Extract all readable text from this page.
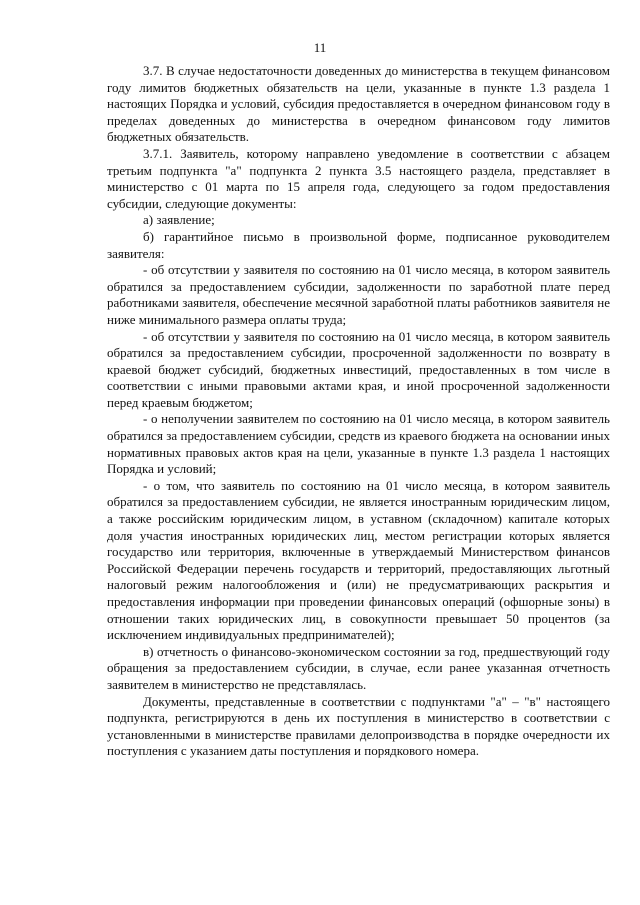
11

3.7. В случае недостаточности доведенных до министерства в текущем финансовом году лимитов бюджетных обязательств на цели, указанные в пункте 1.3 раздела 1 настоящих Порядка и условий, субсидия предоставляется в очередном финансовом году в пределах доведенных до министерства в очередном финансовом году лимитов бюджетных обязательств.

3.7.1. Заявитель, которому направлено уведомление в соответствии с абзацем третьим подпункта "а" подпункта 2 пункта 3.5 настоящего раздела, представляет в министерство с 01 марта по 15 апреля года, следующего за годом предоставления субсидии, следующие документы:

а) заявление;

б) гарантийное письмо в произвольной форме, подписанное руководителем заявителя:

- об отсутствии у заявителя по состоянию на 01 число месяца, в котором заявитель обратился за предоставлением субсидии, задолженности по заработной плате перед работниками заявителя, обеспечение месячной заработной платы работников заявителя не ниже минимального размера оплаты труда;

- об отсутствии у заявителя по состоянию на 01 число месяца, в котором заявитель обратился за предоставлением субсидии, просроченной задолженности по возврату в краевой бюджет субсидий, бюджетных инвестиций, предоставленных в том числе в соответствии с иными правовыми актами края, и иной просроченной задолженности перед краевым бюджетом;

- о неполучении заявителем по состоянию на 01 число месяца, в котором заявитель обратился за предоставлением субсидии, средств из краевого бюджета на основании иных нормативных правовых актов края на цели, указанные в пункте 1.3 раздела 1 настоящих Порядка и условий;

- о том, что заявитель по состоянию на 01 число месяца, в котором заявитель обратился за предоставлением субсидии, не является иностранным юридическим лицом, а также российским юридическим лицом, в уставном (складочном) капитале которых доля участия иностранных юридических лиц, местом регистрации которых является государство или территория, включенные в утверждаемый Министерством финансов Российской Федерации перечень государств и территорий, предоставляющих льготный налоговый режим налогообложения и (или) не предусматривающих раскрытия и предоставления информации при проведении финансовых операций (офшорные зоны) в отношении таких юридических лиц, в совокупности превышает 50 процентов (за исключением индивидуальных предпринимателей);

в) отчетность о финансово-экономическом состоянии за год, предшествующий году обращения за предоставлением субсидии, в случае, если ранее указанная отчетность заявителем в министерство не представлялась.

Документы, представленные в соответствии с подпунктами "а" – "в" настоящего подпункта, регистрируются в день их поступления в министерство в соответствии с установленными в министерстве правилами делопроизводства в порядке очередности их поступления с указанием даты поступления и порядкового номера.
